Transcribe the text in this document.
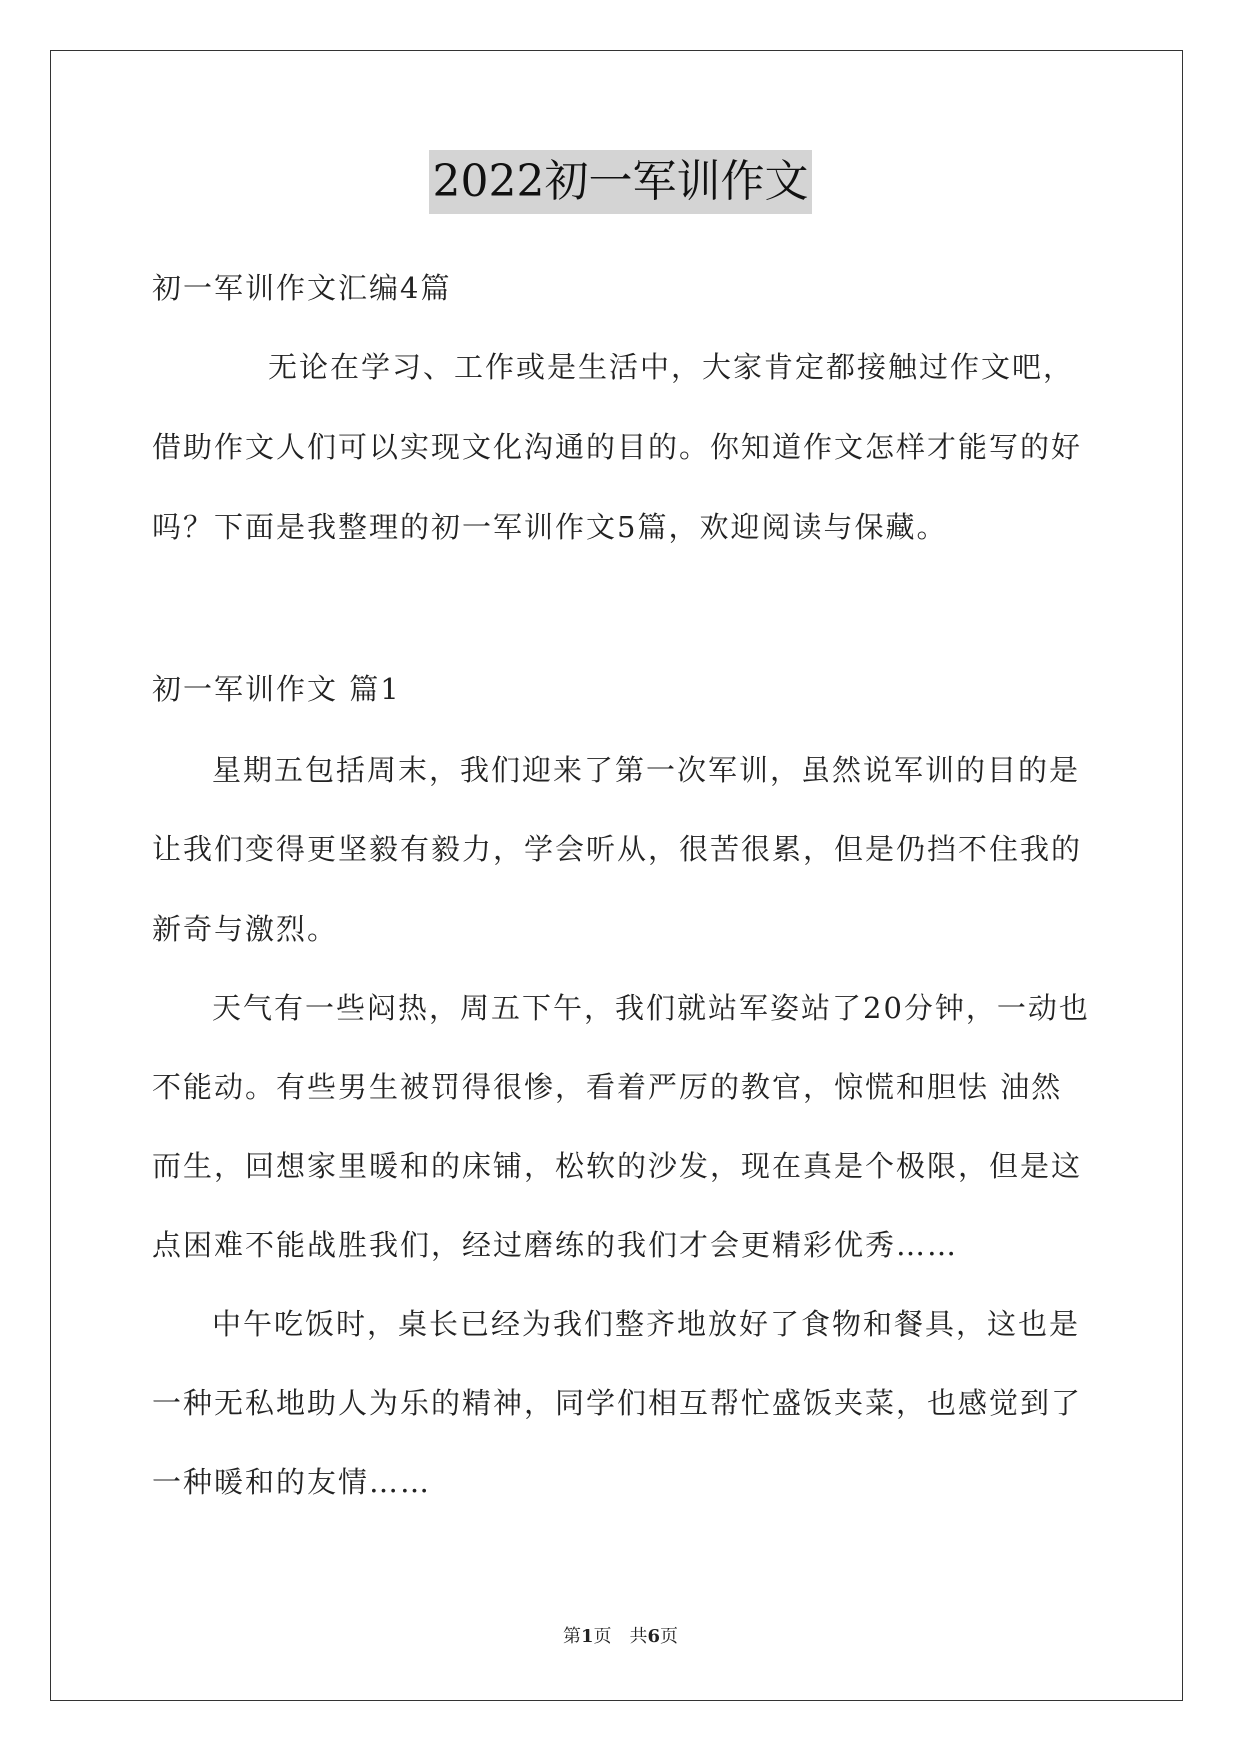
2022初一军训作文
初一军训作文汇编4篇
无论在学习、工作或是生活中，大家肯定都接触过作文吧，
借助作文人们可以实现文化沟通的目的。你知道作文怎样才能写的好
吗？下面是我整理的初一军训作文5篇，欢迎阅读与保藏。
初一军训作文 篇1
星期五包括周末，我们迎来了第一次军训，虽然说军训的目的是
让我们变得更坚毅有毅力，学会听从，很苦很累，但是仍挡不住我的
新奇与激烈。
天气有一些闷热，周五下午，我们就站军姿站了20分钟，一动也
不能动。有些男生被罚得很惨，看着严厉的教官，惊慌和胆怯 油然
而生，回想家里暖和的床铺，松软的沙发，现在真是个极限，但是这
点困难不能战胜我们，经过磨练的我们才会更精彩优秀……
中午吃饭时，桌长已经为我们整齐地放好了食物和餐具，这也是
一种无私地助人为乐的精神，同学们相互帮忙盛饭夹菜，也感觉到了
一种暖和的友情……
第1页 共6页
